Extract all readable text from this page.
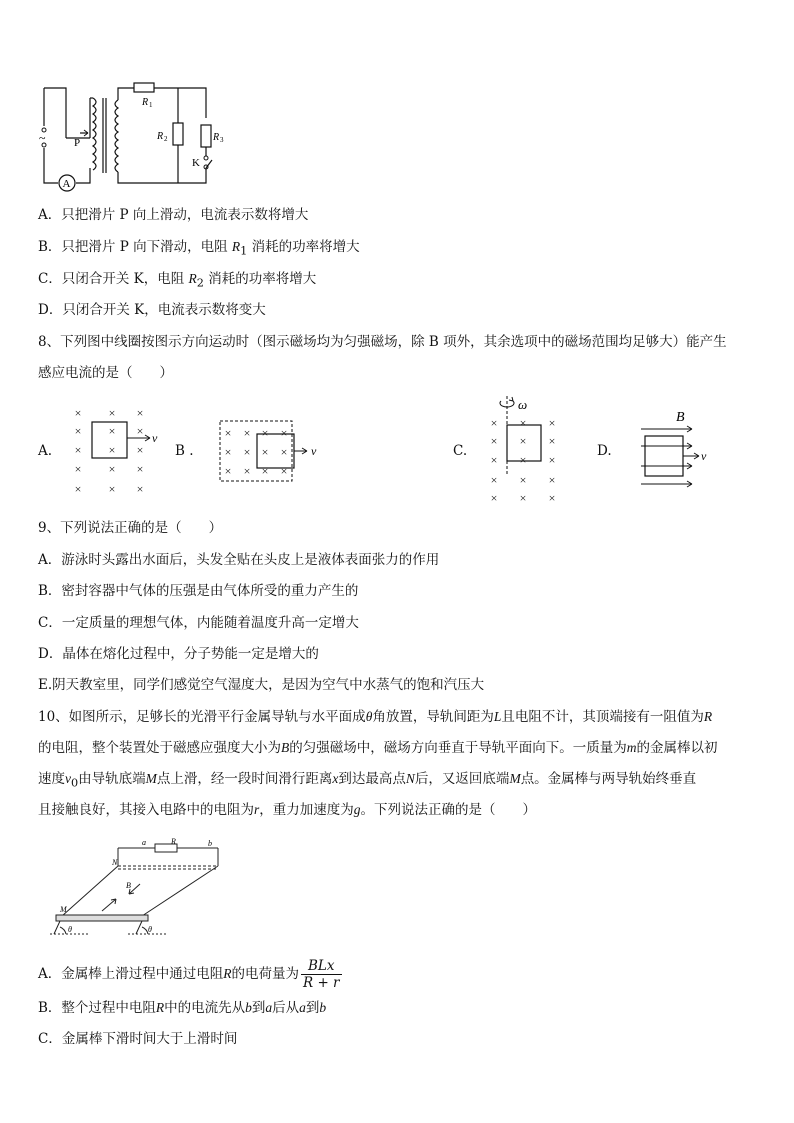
A
~	P
R 1
R 2	R 3
K
A．只把滑片 P 向上滑动，电流表示数将增大
B．只把滑片 P 向下滑动，电阻 $R_1$ 消耗的功率将增大
C．只闭合开关 K，电阻 $R_2$ 消耗的功率将增大
D．只闭合开关 K，电流表示数将变大
8、下列图中线圈按图示方向运动时（图示磁场均为匀强磁场，除 B 项外，其余选项中的磁场范围均足够大）能产生
感应电流的是（　　）
A.
× × ×
× × ×
× × ×
× × ×
× × ×
v
B .
× × × ×
× × × ×
× × × ×
v	C.
ω
× × ×
× × ×
× × ×
× × ×
× × ×
D.
B
v
9、下列说法正确的是（　　）
A．游泳时头露出水面后，头发全贴在头皮上是液体表面张力的作用
B．密封容器中气体的压强是由气体所受的重力产生的
C．一定质量的理想气体，内能随着温度升高一定增大
D．晶体在熔化过程中，分子势能一定是增大的
E.阴天教室里，同学们感觉空气湿度大，是因为空气中水蒸气的饱和汽压大
10、如图所示，足够长的光滑平行金属导轨与水平面成θ角放置，导轨间距为L且电阻不计，其顶端接有一阻值为R
的电阻，整个装置处于磁感应强度大小为B的匀强磁场中，磁场方向垂直于导轨平面向下。一质量为m的金属棒以初
速度$v_0$由导轨底端M点上滑，经一段时间滑行距离x到达最高点N后，又返回底端M点。金属棒与两导轨始终垂直
且接触良好，其接入电路中的电阻为r，重力加速度为g。下列说法正确的是（　　）
a	b
R
N
B
M
θ	θ
A．金属棒上滑过程中通过电阻R的电荷量为 $\frac{\text{BLx}}{R + r}$
B．整个过程中电阻R中的电流先从b到a后从a到b
C．金属棒下滑时间大于上滑时间
